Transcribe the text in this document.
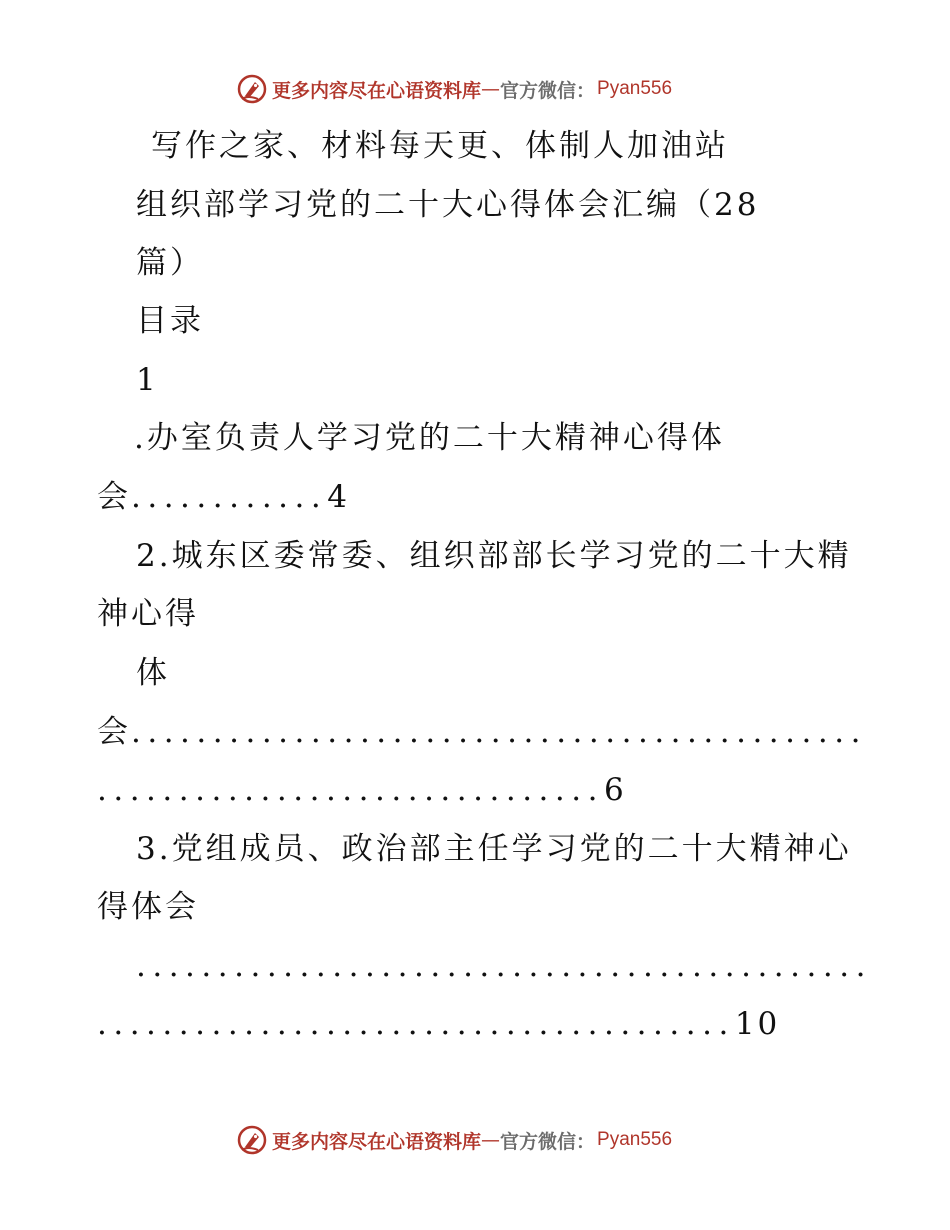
更多内容尽在心语资料库 — 官方微信： Pyan556
写作之家、材料每天更、体制人加油站
组织部学习党的二十大心得体会汇编（28
篇）
目录
1
.办室负责人学习党的二十大精神心得体
会............4
2.城东区委常委、组织部部长学习党的二十大精
神心得
体
会.............................................
...............................6
3.党组成员、政治部主任学习党的二十大精神心
得体会
.............................................
.......................................10
更多内容尽在心语资料库 — 官方微信： Pyan556
